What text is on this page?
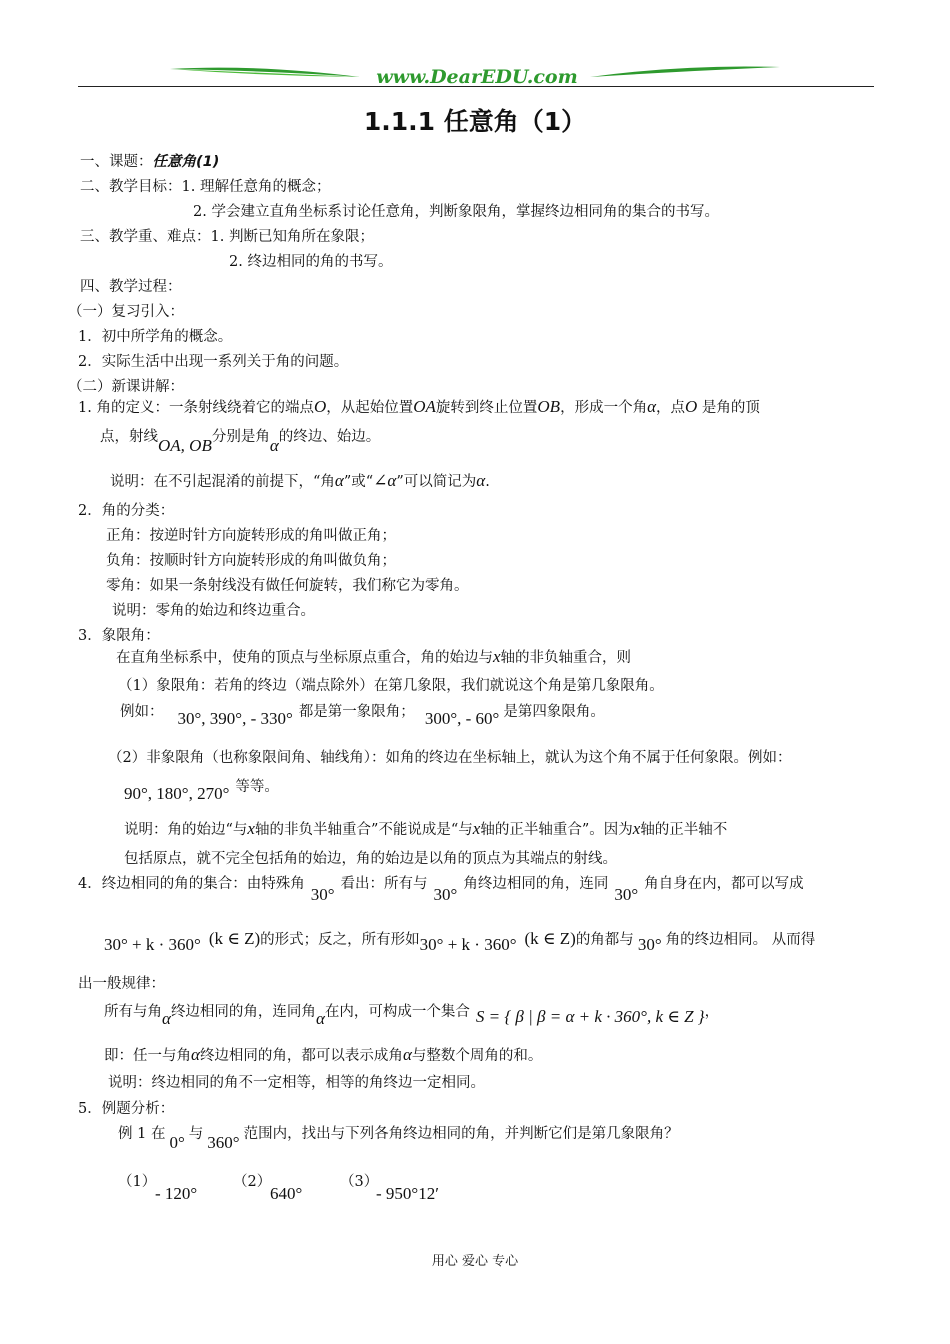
www.DearEDU.com
1.1.1 任意角（1）
一、课题：任意角(1)
二、教学目标：1. 理解任意角的概念；
2. 学会建立直角坐标系讨论任意角，判断象限角，掌握终边相同角的集合的书写。
三、教学重、难点：1. 判断已知角所在象限；
2. 终边相同的角的书写。
四、教学过程：
（一）复习引入：
1．初中所学角的概念。
2．实际生活中出现一系列关于角的问题。
（二）新课讲解：
1. 角的定义：一条射线绕着它的端点O，从起始位置OA旋转到终止位置OB，形成一个角α，点O 是角的顶
点，射线OA, OB分别是角α的终边、始边。
说明：在不引起混淆的前提下，“角α”或“∠α”可以简记为α.
2．角的分类：
正角：按逆时针方向旋转形成的角叫做正角；
负角：按顺时针方向旋转形成的角叫做负角；
零角：如果一条射线没有做任何旋转，我们称它为零角。
说明：零角的始边和终边重合。
3．象限角：
在直角坐标系中，使角的顶点与坐标原点重合，角的始边与x轴的非负轴重合，则
（1）象限角：若角的终边（端点除外）在第几象限，我们就说这个角是第几象限角。
例如： 30°, 390°, - 330° 都是第一象限角； 300°, - 60° 是第四象限角。
（2）非象限角（也称象限间角、轴线角）：如角的终边在坐标轴上，就认为这个角不属于任何象限。例如：
90°, 180°, 270° 等等。
说明：角的始边“与x轴的非负半轴重合”不能说成是“与x轴的正半轴重合”。因为x轴的正半轴不
包括原点，就不完全包括角的始边，角的始边是以角的顶点为其端点的射线。
4．终边相同的角的集合：由特殊角30°看出：所有与30°角终边相同的角，连同30°角自身在内，都可以写成
30° + k · 360° (k ∈ Z)的形式；反之，所有形如30° + k · 360° (k ∈ Z)的角都与 30° 角的终边相同。 从而得
出一般规律：
所有与角α终边相同的角，连同角α在内，可构成一个集合 S = { β | β = α + k · 360°, k ∈ Z }，
即：任一与角α终边相同的角，都可以表示成角α与整数个周角的和。
说明：终边相同的角不一定相等，相等的角终边一定相同。
5．例题分析：
例 1 在 0° 与 360° 范围内，找出与下列各角终边相同的角，并判断它们是第几象限角？
（1）
- 120°
（2）
640°
（3）
- 950°12′
用心 爱心 专心
